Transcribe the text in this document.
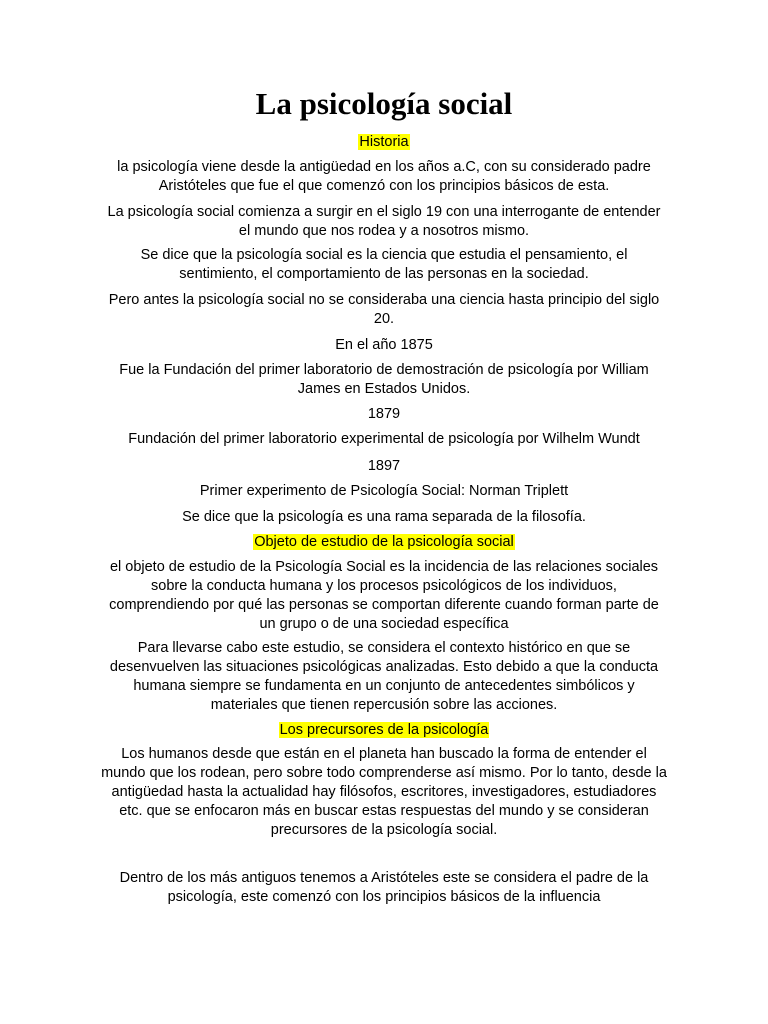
La psicología social

Historia

la psicología viene desde la antigüedad en los años a.C, con su considerado padre Aristóteles que fue el que comenzó con los principios básicos de esta.

La psicología social comienza a surgir en el siglo 19 con una interrogante de entender el mundo que nos rodea y a nosotros mismo.

Se dice que la psicología social es la ciencia que estudia el pensamiento, el sentimiento, el comportamiento de las personas en la sociedad.

Pero antes la psicología social no se consideraba una ciencia hasta principio del siglo 20.

En el año 1875

Fue la Fundación del primer laboratorio de demostración de psicología por William James en Estados Unidos.

1879

Fundación del primer laboratorio experimental de psicología por Wilhelm Wundt

1897

Primer experimento de Psicología Social: Norman Triplett

Se dice que la psicología es una rama separada de la filosofía.

Objeto de estudio de la psicología social

el objeto de estudio de la Psicología Social es la incidencia de las relaciones sociales sobre la conducta humana y los procesos psicológicos de los individuos, comprendiendo por qué las personas se comportan diferente cuando forman parte de un grupo o de una sociedad específica

Para llevarse cabo este estudio, se considera el contexto histórico en que se desenvuelven las situaciones psicológicas analizadas. Esto debido a que la conducta humana siempre se fundamenta en un conjunto de antecedentes simbólicos y materiales que tienen repercusión sobre las acciones.

Los precursores de la psicología

Los humanos desde que están en el planeta han buscado la forma de entender el mundo que los rodean, pero sobre todo comprenderse así mismo. Por lo tanto, desde la antigüedad hasta la actualidad hay filósofos, escritores, investigadores, estudiadores etc. que se enfocaron más en buscar estas respuestas del mundo y se consideran precursores de la psicología social.

Dentro de los más antiguos tenemos a Aristóteles este se considera el padre de la psicología, este comenzó con los principios básicos de la influencia
